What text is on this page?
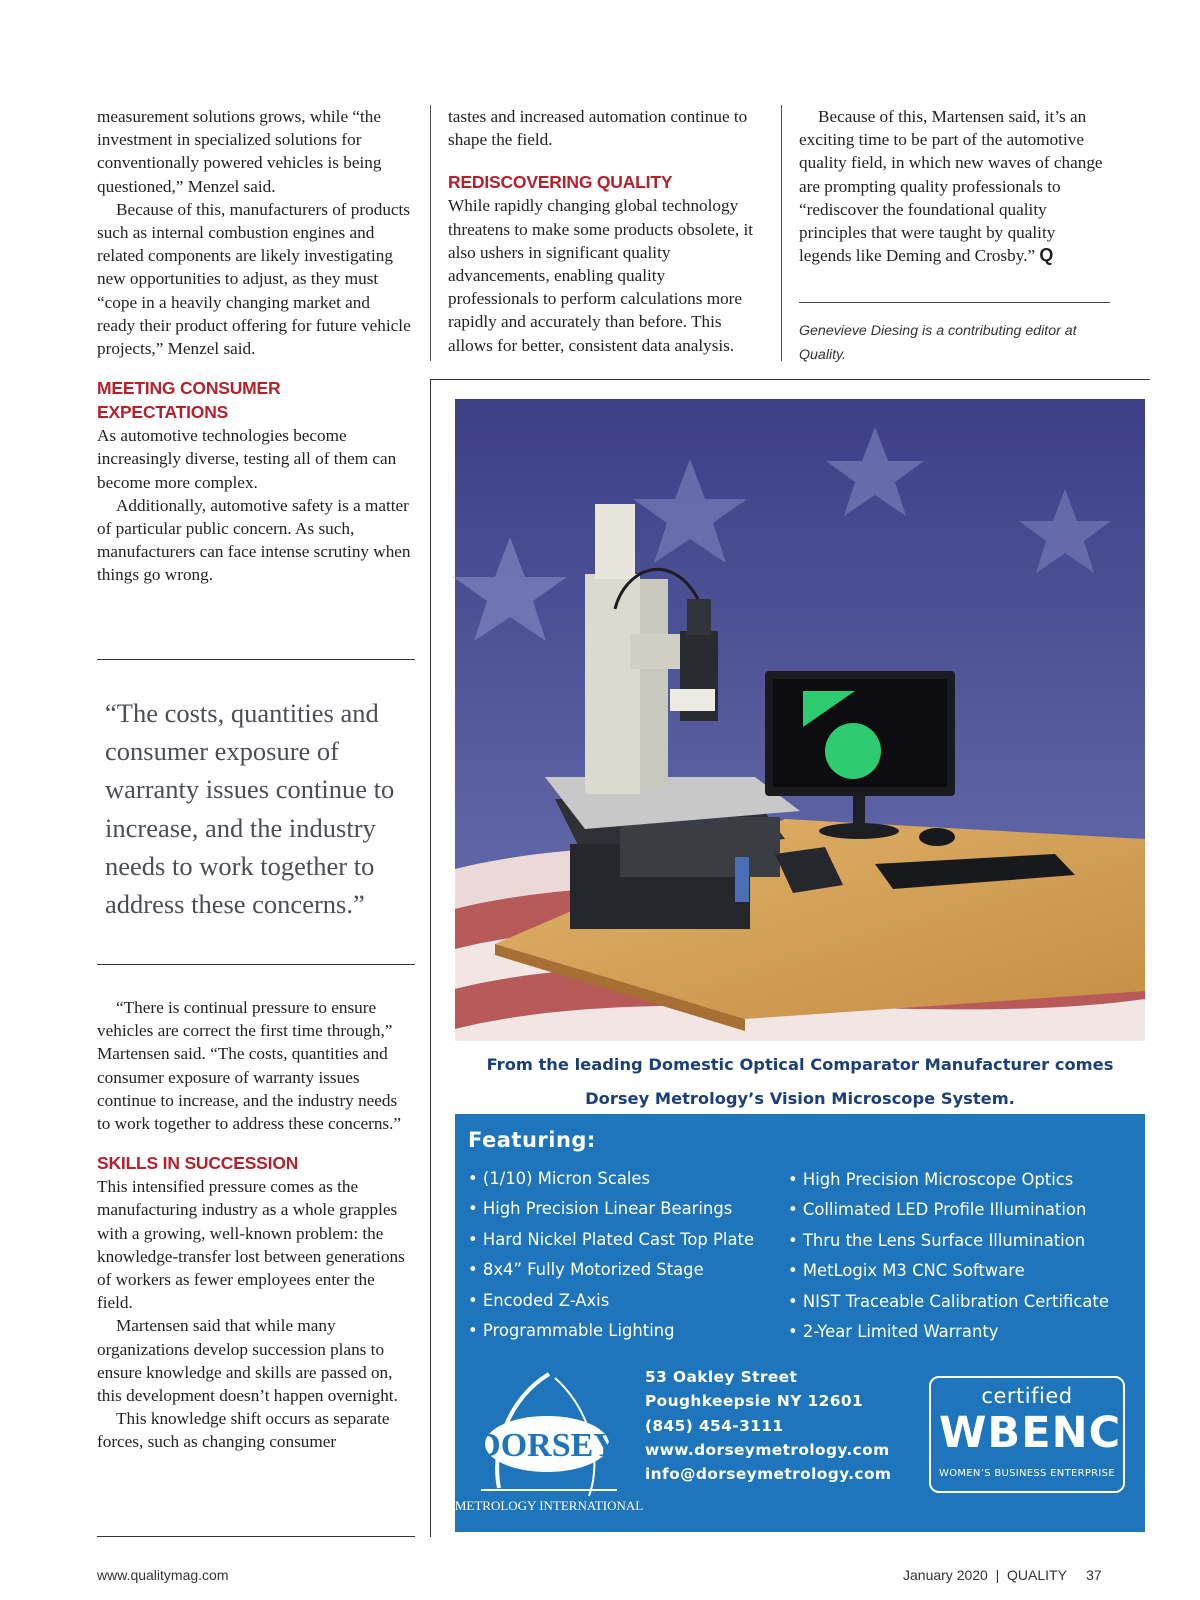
measurement solutions grows, while “the investment in specialized solutions for conventionally powered vehicles is being questioned,” Menzel said.

Because of this, manufacturers of products such as internal combustion engines and related components are likely investigating new opportunities to adjust, as they must “cope in a heavily changing market and ready their product offering for future vehicle projects,” Menzel said.

MEETING CONSUMER EXPECTATIONS

As automotive technologies become increasingly diverse, testing all of them can become more complex.

Additionally, automotive safety is a matter of particular public concern. As such, manufacturers can face intense scrutiny when things go wrong.

“The costs, quantities and consumer exposure of warranty issues continue to increase, and the industry needs to work together to address these concerns.”

“There is continual pressure to ensure vehicles are correct the first time through,” Martensen said. “The costs, quantities and consumer exposure of warranty issues continue to increase, and the industry needs to work together to address these concerns.”

SKILLS IN SUCCESSION

This intensified pressure comes as the manufacturing industry as a whole grapples with a growing, well-known problem: the knowledge-transfer lost between generations of workers as fewer employees enter the field.

Martensen said that while many organizations develop succession plans to ensure knowledge and skills are passed on, this development doesn’t happen overnight.

This knowledge shift occurs as separate forces, such as changing consumer

tastes and increased automation continue to shape the field.

REDISCOVERING QUALITY

While rapidly changing global technology threatens to make some products obsolete, it also ushers in significant quality advancements, enabling quality professionals to perform calculations more rapidly and accurately than before. This allows for better, consistent data analysis.

Because of this, Martensen said, it’s an exciting time to be part of the automotive quality field, in which new waves of change are prompting quality professionals to “rediscover the foundational quality principles that were taught by quality legends like Deming and Crosby.” Q

Genevieve Diesing is a contributing editor at Quality.
From the leading Domestic Optical Comparator Manufacturer comes
Dorsey Metrology’s Vision Microscope System.
Featuring:
• (1/10) Micron Scales
• High Precision Linear Bearings
• Hard Nickel Plated Cast Top Plate
• 8x4” Fully Motorized Stage
• Encoded Z-Axis
• Programmable Lighting
• High Precision Microscope Optics
• Collimated LED Profile Illumination
• Thru the Lens Surface Illumination
• MetLogix M3 CNC Software
• NIST Traceable Calibration Certificate
• 2-Year Limited Warranty
DORSEY
METROLOGY INTERNATIONAL
53 Oakley Street
Poughkeepsie NY 12601
(845) 454-3111
www.dorseymetrology.com
info@dorseymetrology.com
certified
WBENC
WOMEN’S BUSINESS ENTERPRISE
www.qualitymag.com	January 2020  |  QUALITY     37
